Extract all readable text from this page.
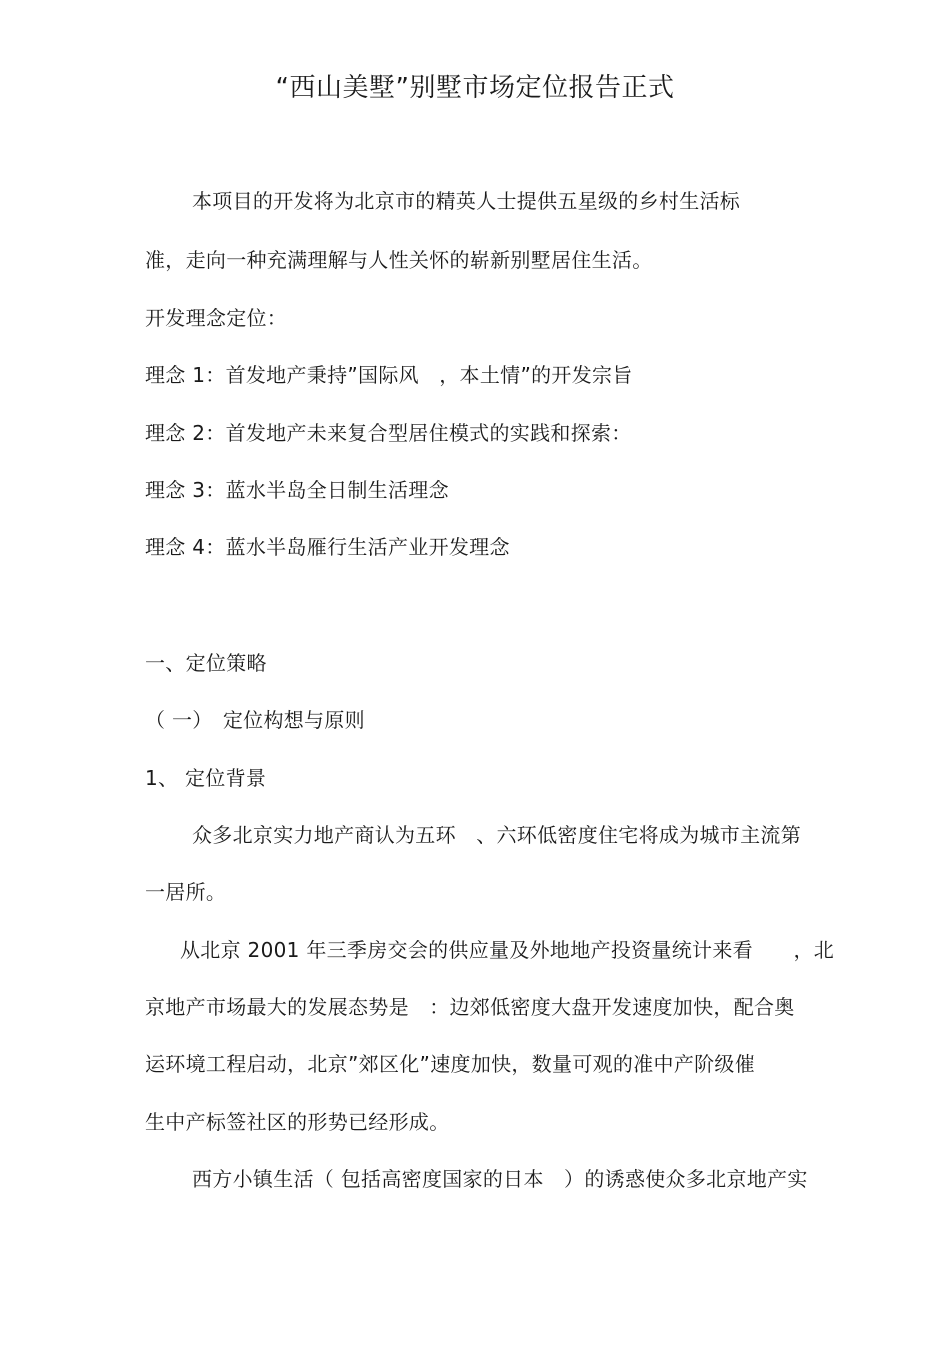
“西山美墅”别墅市场定位报告正式
本项目的开发将为北京市的精英人士提供五星级的乡村生活标
准，走向一种充满理解与人性关怀的崭新别墅居住生活。
开发理念定位：
理念 1：首发地产秉持”国际风　，本土情”的开发宗旨
理念 2：首发地产未来复合型居住模式的实践和探索：
理念 3：蓝水半岛全日制生活理念
理念 4：蓝水半岛雁行生活产业开发理念
一、定位策略
（ 一）　定位构想与原则
1、 定位背景
众多北京实力地产商认为五环　、六环低密度住宅将成为城市主流第
一居所。
从北京 2001 年三季房交会的供应量及外地地产投资量统计来看　　，北
京地产市场最大的发展态势是　：边郊低密度大盘开发速度加快，配合奥
运环境工程启动，北京”郊区化”速度加快，数量可观的准中产阶级催
生中产标签社区的形势已经形成。
西方小镇生活（ 包括高密度国家的日本　）的诱惑使众多北京地产实
